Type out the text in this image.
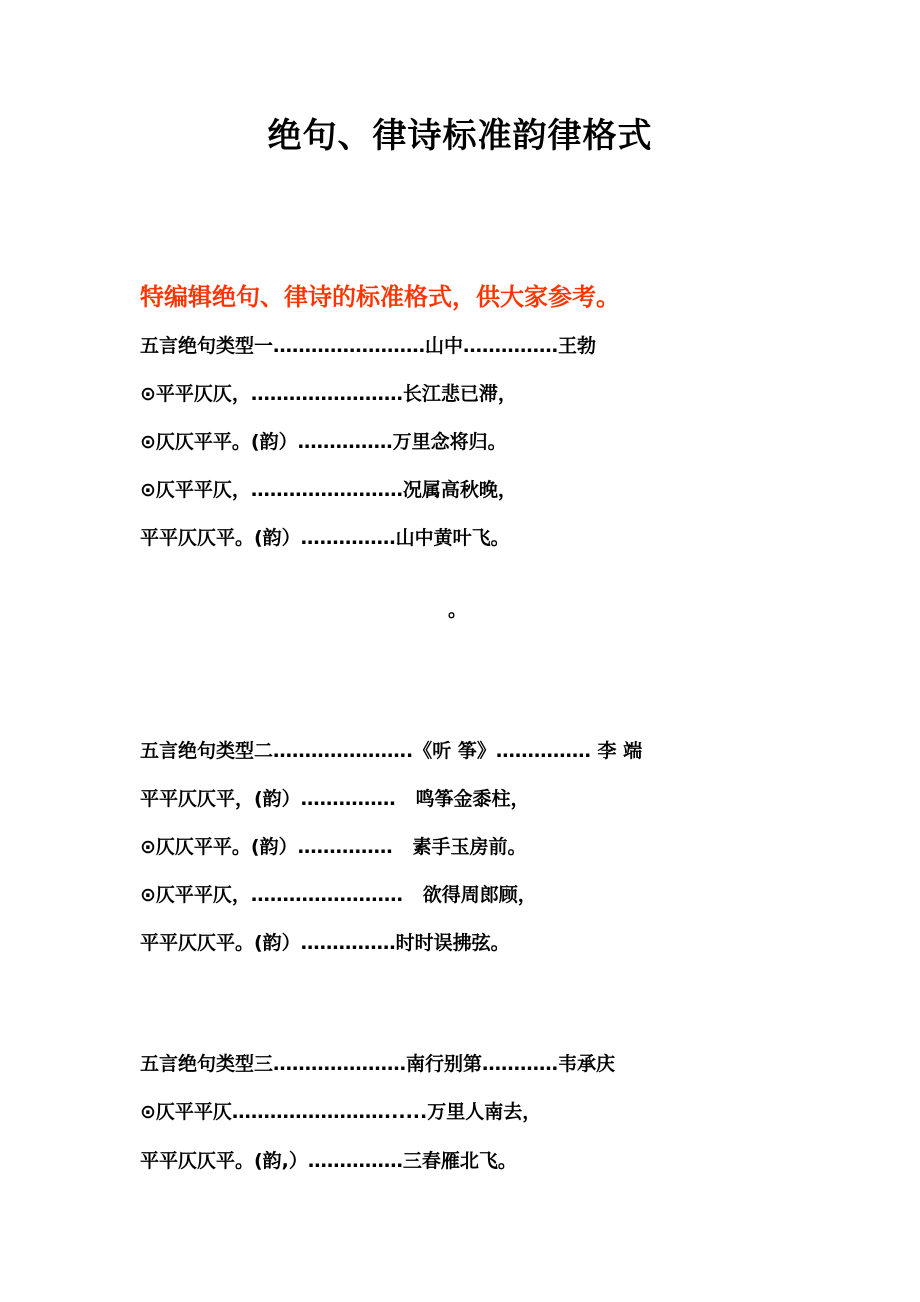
绝句、律诗标准韵律格式
特编辑绝句、律诗的标准格式，供大家参考。
五言绝句类型一……………………山中……………王勃
⊙平平仄仄，……………………长江悲已滞，
⊙仄仄平平。(韵）……………万里念将归。
⊙仄平平仄，……………………况属高秋晚，
平平仄仄平。(韵）……………山中黄叶飞。
。
五言绝句类型二………………….《听 筝》…………… 李 端
平平仄仄平，(韵）……………   鸣筝金黍柱，
⊙仄仄平平。(韵）……………   素手玉房前。
⊙仄平平仄，……………………   欲得周郎顾，
平平仄仄平。(韵）……………时时误拂弦。
五言绝句类型三…………………南行别第…………韦承庆
⊙仄平平仄……………………......万里人南去，
平平仄仄平。(韵,）……………三春雁北飞。
